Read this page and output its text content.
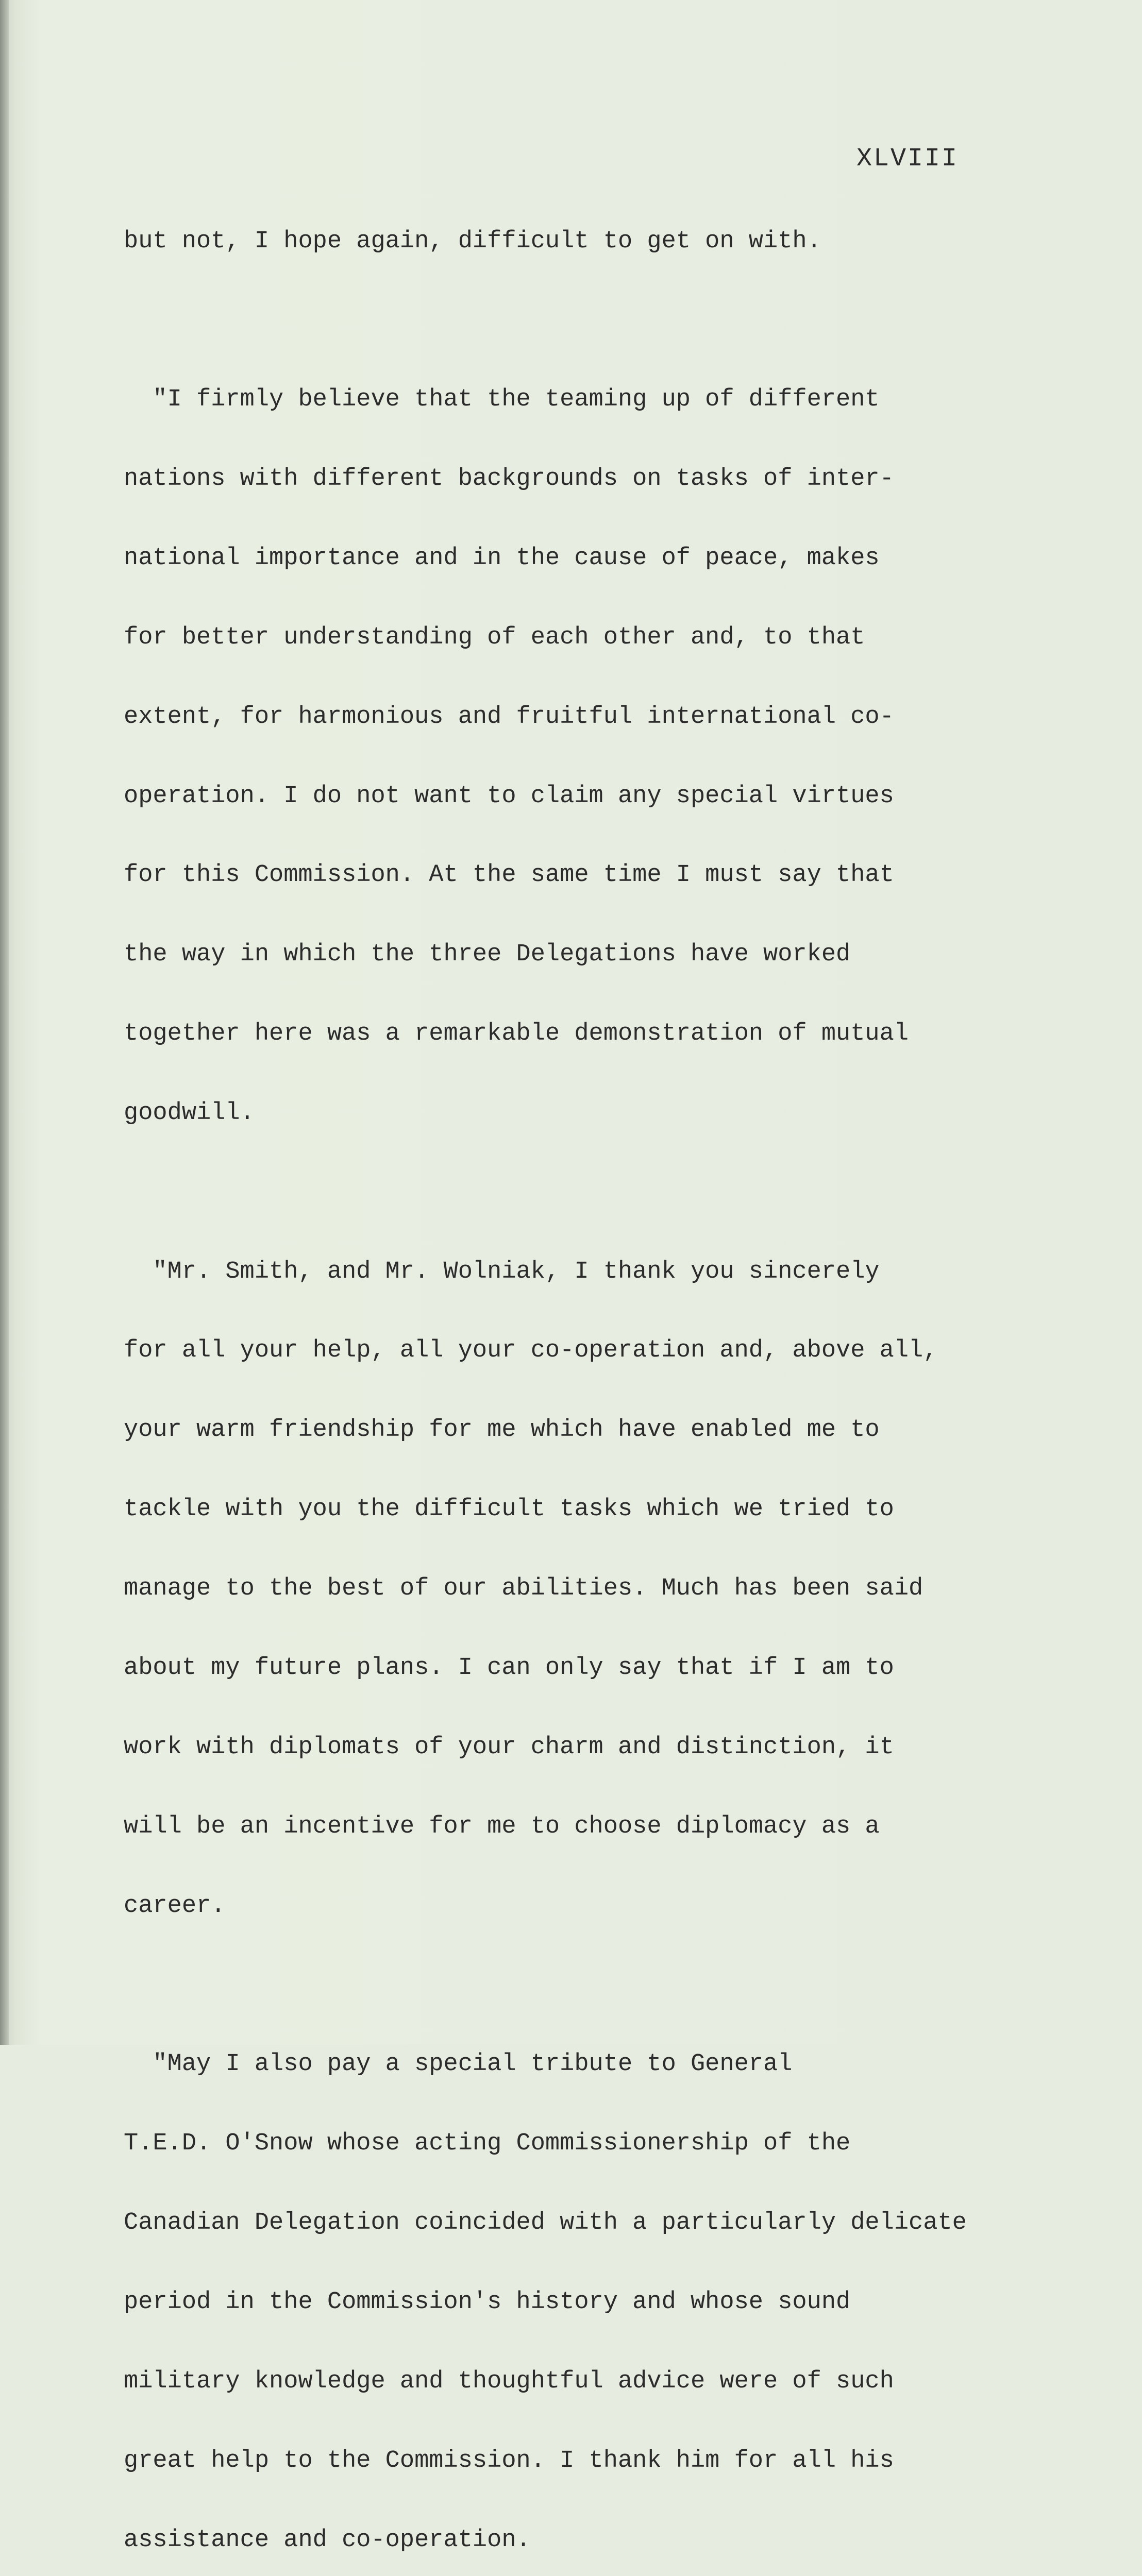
XLVIII

but not, I hope again, difficult to get on with.

"I firmly believe that the teaming up of different

nations with different backgrounds on tasks of inter-

national importance and in the cause of peace, makes

for better understanding of each other and, to that

extent, for harmonious and fruitful international co-

operation. I do not want to claim any special virtues

for this Commission. At the same time I must say that

the way in which the three Delegations have worked

together here was a remarkable demonstration of mutual

goodwill.

"Mr. Smith, and Mr. Wolniak, I thank you sincerely

for all your help, all your co-operation and, above all,

your warm friendship for me which have enabled me to

tackle with you the difficult tasks which we tried to

manage to the best of our abilities. Much has been said

about my future plans. I can only say that if I am to

work with diplomats of your charm and distinction, it

will be an incentive for me to choose diplomacy as a

career.

"May I also pay a special tribute to General

T.E.D. O'Snow whose acting Commissionership of the

Canadian Delegation coincided with a particularly delicate

period in the Commission's history and whose sound

military knowledge and thoughtful advice were of such

great help to the Commission. I thank him for all his

assistance and co-operation.
